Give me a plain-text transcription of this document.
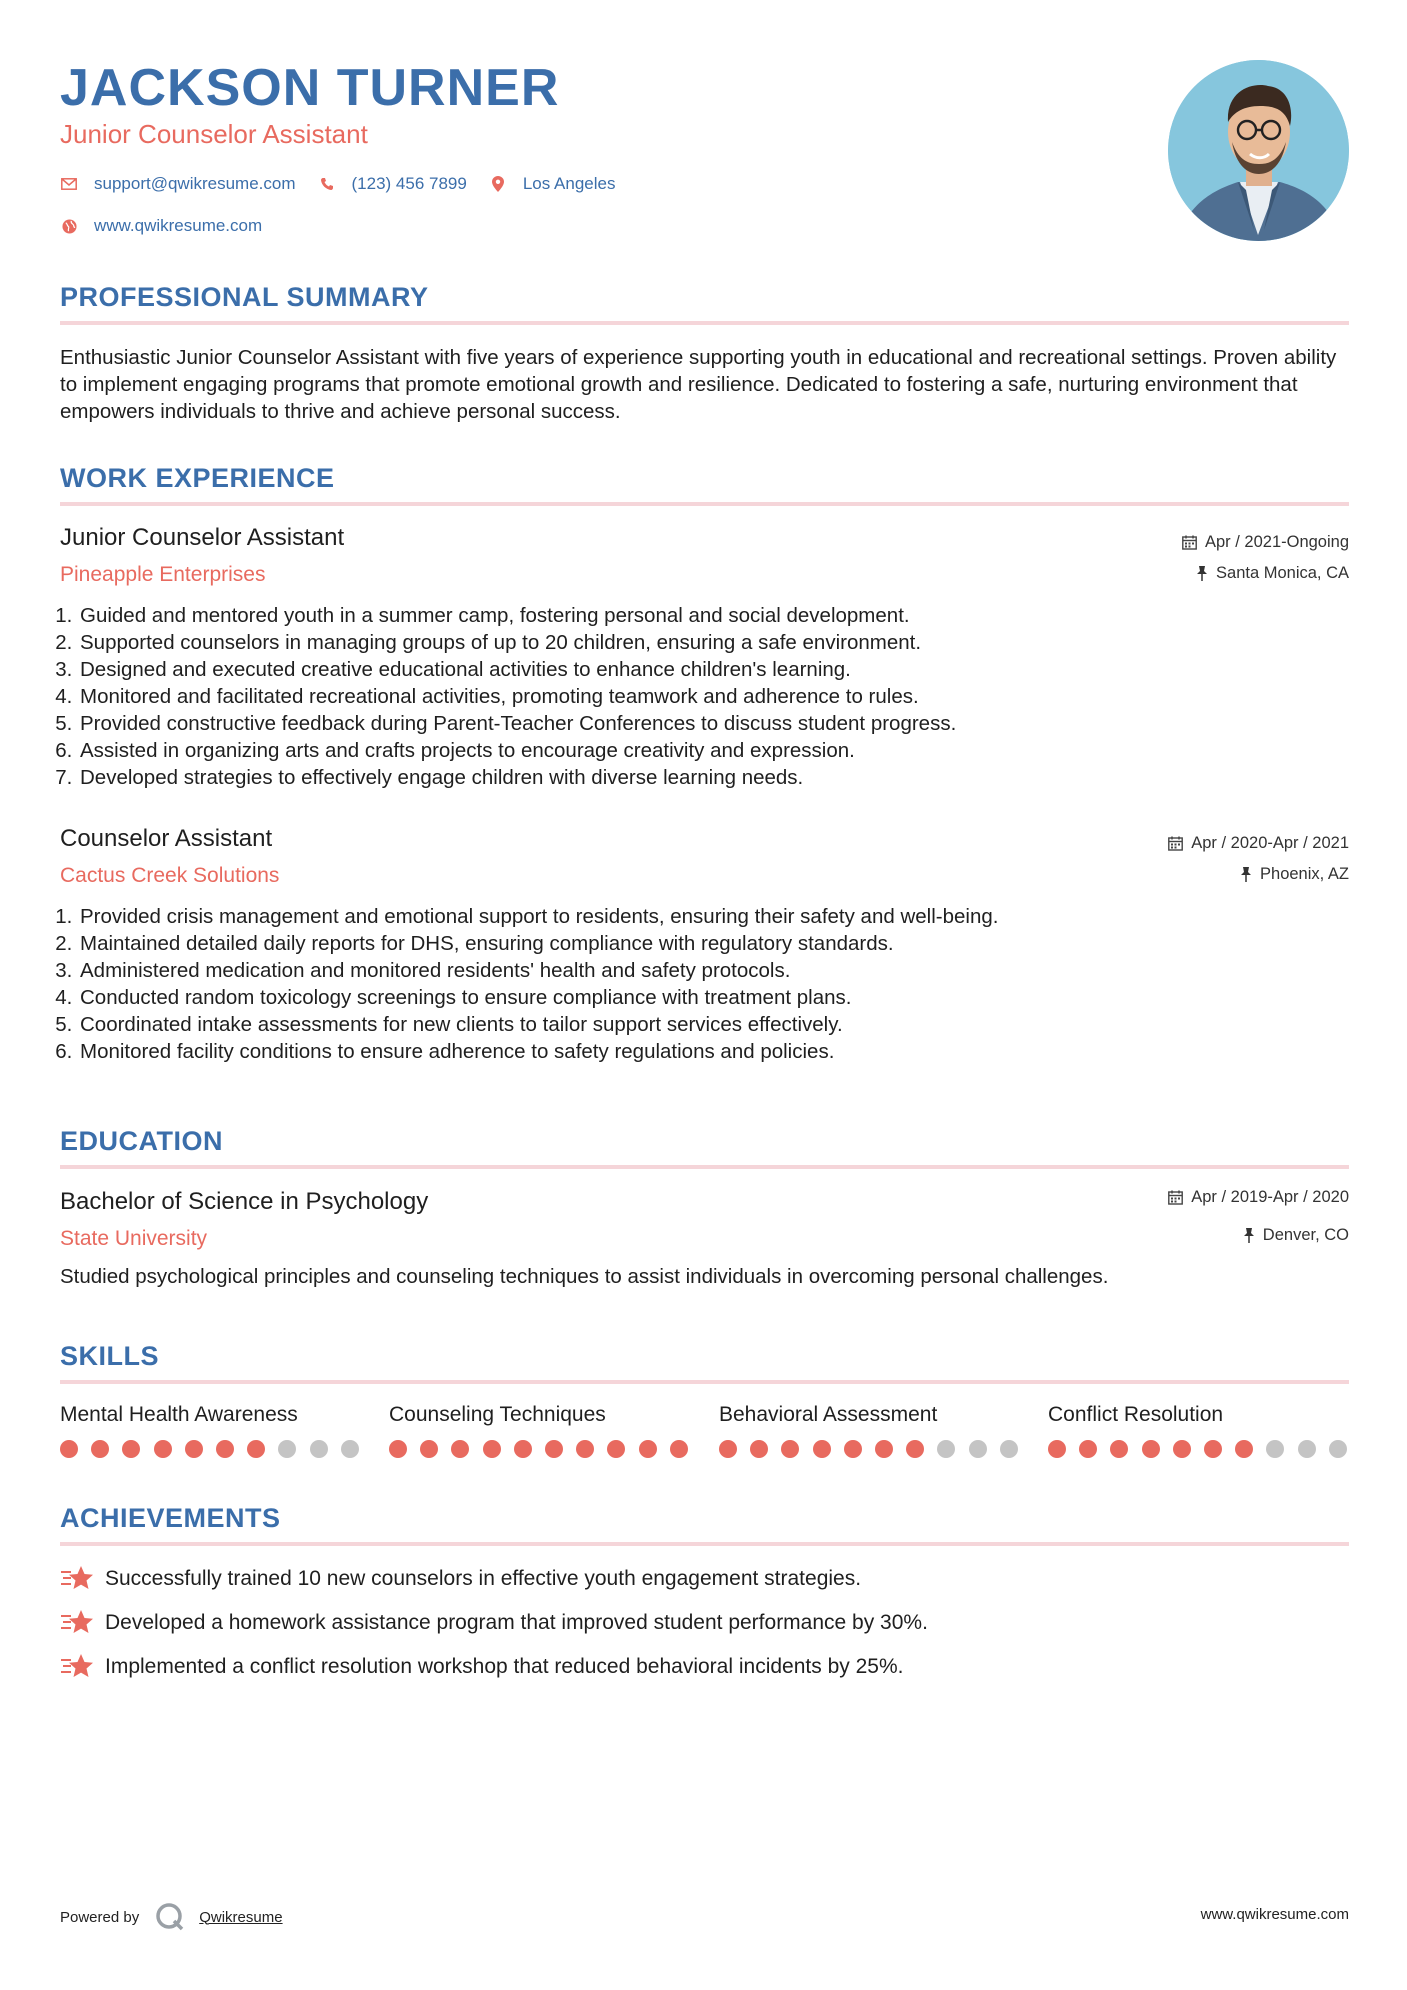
JACKSON TURNER
Junior Counselor Assistant
support@qwikresume.com	(123) 456 7899	Los Angeles
www.qwikresume.com
PROFESSIONAL SUMMARY
Enthusiastic Junior Counselor Assistant with five years of experience supporting youth in educational and recreational settings. Proven ability to implement engaging programs that promote emotional growth and resilience. Dedicated to fostering a safe, nurturing environment that empowers individuals to thrive and achieve personal success.
WORK EXPERIENCE
Junior Counselor Assistant
Pineapple Enterprises
Apr / 2021-Ongoing
Santa Monica, CA
1. Guided and mentored youth in a summer camp, fostering personal and social development.
2. Supported counselors in managing groups of up to 20 children, ensuring a safe environment.
3. Designed and executed creative educational activities to enhance children's learning.
4. Monitored and facilitated recreational activities, promoting teamwork and adherence to rules.
5. Provided constructive feedback during Parent-Teacher Conferences to discuss student progress.
6. Assisted in organizing arts and crafts projects to encourage creativity and expression.
7. Developed strategies to effectively engage children with diverse learning needs.
Counselor Assistant
Cactus Creek Solutions
Apr / 2020-Apr / 2021
Phoenix, AZ
1. Provided crisis management and emotional support to residents, ensuring their safety and well-being.
2. Maintained detailed daily reports for DHS, ensuring compliance with regulatory standards.
3. Administered medication and monitored residents' health and safety protocols.
4. Conducted random toxicology screenings to ensure compliance with treatment plans.
5. Coordinated intake assessments for new clients to tailor support services effectively.
6. Monitored facility conditions to ensure adherence to safety regulations and policies.
EDUCATION
Bachelor of Science in Psychology
State University
Apr / 2019-Apr / 2020
Denver, CO
Studied psychological principles and counseling techniques to assist individuals in overcoming personal challenges.
SKILLS
Mental Health Awareness	Counseling Techniques	Behavioral Assessment	Conflict Resolution
ACHIEVEMENTS
Successfully trained 10 new counselors in effective youth engagement strategies.
Developed a homework assistance program that improved student performance by 30%.
Implemented a conflict resolution workshop that reduced behavioral incidents by 25%.
Powered by	Qwikresume	www.qwikresume.com
